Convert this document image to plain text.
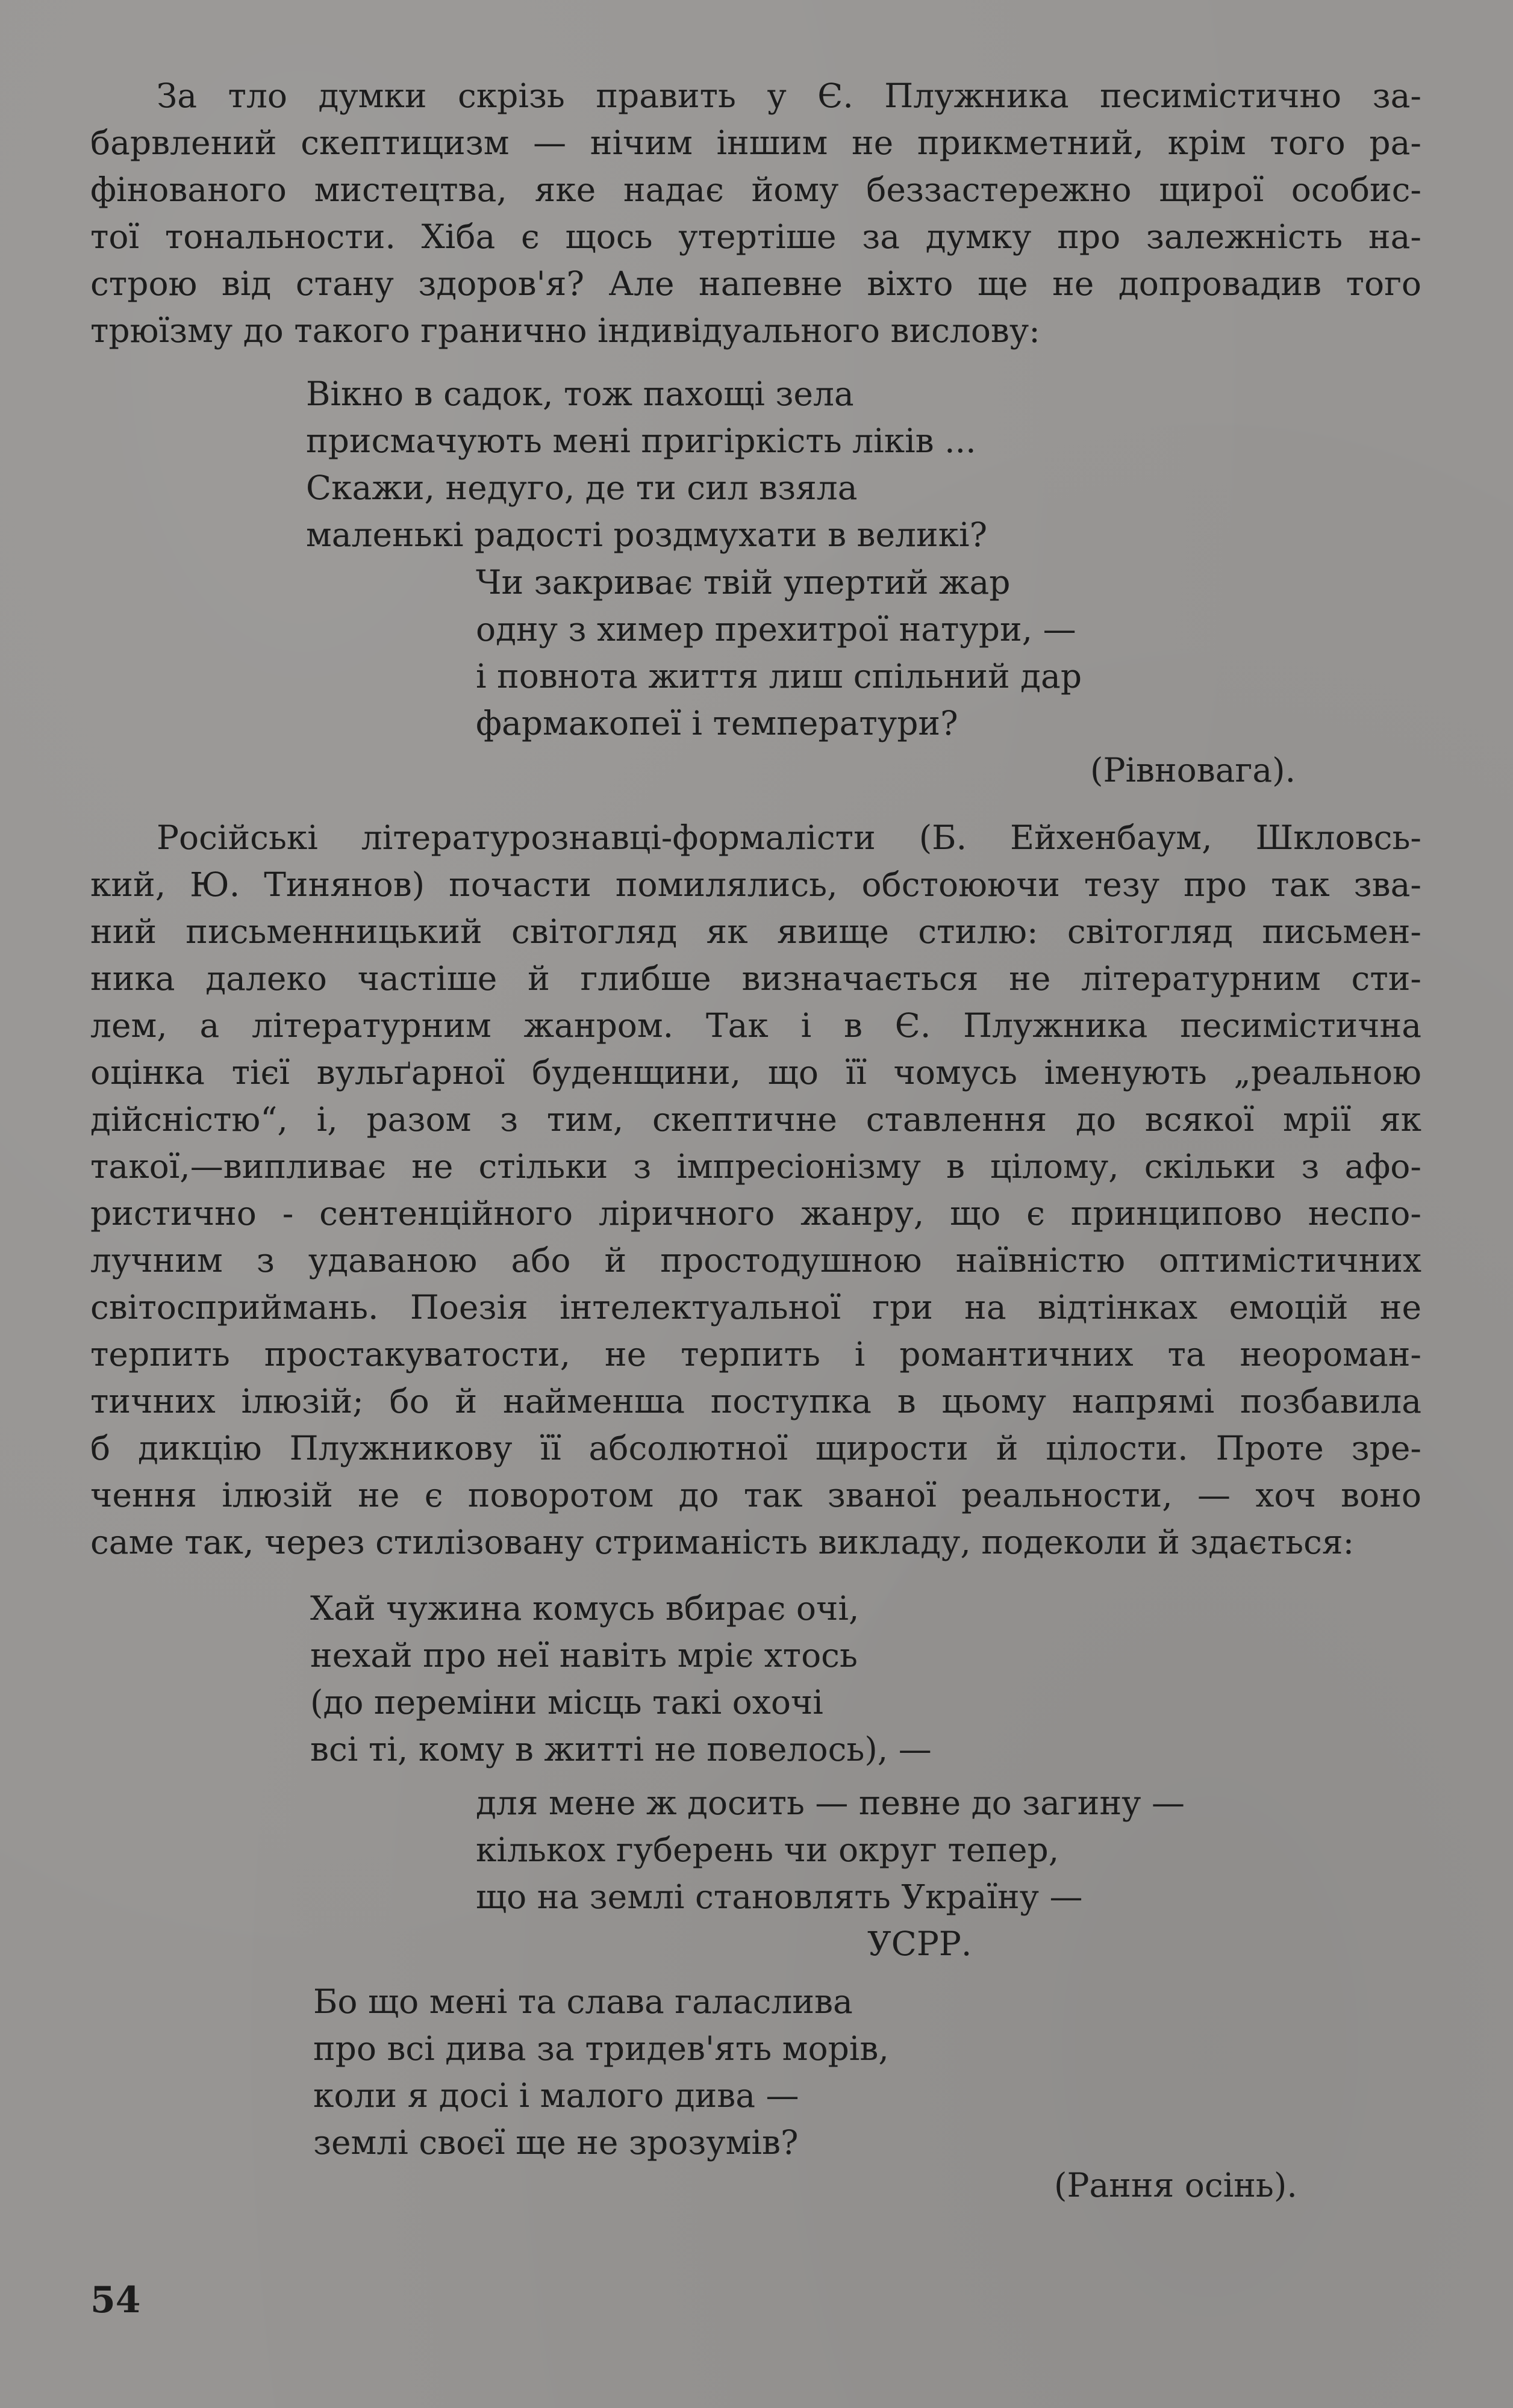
За тло думки скрізь править у Є. Плужника песимістично за-
барвлений скептицизм — нічим іншим не прикметний, крім того ра-
фінованого мистецтва, яке надає йому беззастережно щирої особис-
тої тональности. Хіба є щось утертіше за думку про залежність на-
строю від стану здоров'я? Але напевне віхто ще не допровадив того
трюїзму до такого гранично індивідуального вислову:

Вікно в садок, тож пахощі зела
присмачують мені пригіркість ліків ...
Скажи, недуго, де ти сил взяла
маленькі радості роздмухати в великі?
Чи закриває твій упертий жар
одну з химер прехитрої натури, —
і повнота життя лиш спільний дар
фармакопеї і температури?
(Рівновага).

Російські літературознавці-формалісти (Б. Ейхенбаум, Шкловсь-
кий, Ю. Тинянов) почасти помилялись, обстоюючи тезу про так зва-
ний письменницький світогляд як явище стилю: світогляд письмен-
ника далеко частіше й глибше визначається не літературним сти-
лем, а літературним жанром. Так і в Є. Плужника песимістична
оцінка тієї вульґарної буденщини, що її чомусь іменують „реальною
дійсністю“, і, разом з тим, скептичне ставлення до всякої мрії як
такої,—випливає не стільки з імпресіонізму в цілому, скільки з афо-
ристично - сентенційного ліричного жанру, що є принципово неспо-
лучним з удаваною або й простодушною наївністю оптимістичних
світосприймань. Поезія інтелектуальної гри на відтінках емоцій не
терпить простакуватости, не терпить і романтичних та неороман-
тичних ілюзій; бо й найменша поступка в цьому напрямі позбавила
б дикцію Плужникову її абсолютної щирости й цілости. Проте зре-
чення ілюзій не є поворотом до так званої реальности, — хоч воно
саме так, через стилізовану стриманість викладу, подеколи й здається:

Хай чужина комусь вбирає очі,
нехай про неї навіть мріє хтось
(до переміни місць такі охочі
всі ті, кому в житті не повелось), —
для мене ж досить — певне до загину —
кількох губерень чи округ тепер,
що на землі становлять Україну —
УСРР.
Бо що мені та слава галаслива
про всі дива за тридев'ять морів,
коли я досі і малого дива —
землі своєї ще не зрозумів?
(Рання осінь).
54
